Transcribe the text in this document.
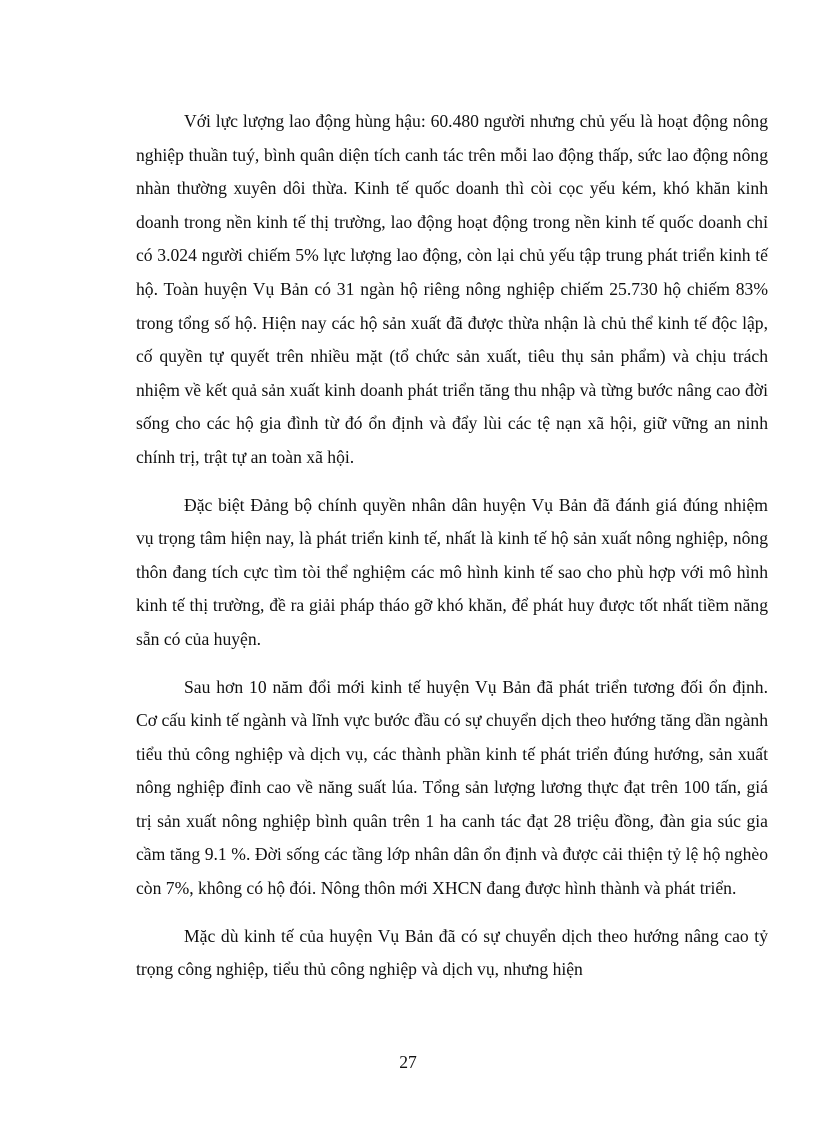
Với lực lượng lao động hùng hậu: 60.480 người nhưng chủ yếu là hoạt động nông nghiệp thuần tuý, bình quân diện tích canh tác trên mỗi lao động thấp, sức lao động nông nhàn thường xuyên dôi thừa. Kinh tế quốc doanh thì còi cọc yếu kém, khó khăn kinh doanh trong nền kinh tế thị trường, lao động hoạt động trong nền kinh tế quốc doanh chỉ có 3.024 người chiếm 5% lực lượng lao động, còn lại chủ yếu tập trung phát triển kinh tế hộ. Toàn huyện Vụ Bản có 31 ngàn hộ riêng nông nghiệp chiếm 25.730 hộ chiếm 83% trong tổng số hộ. Hiện nay các hộ sản xuất đã được thừa nhận là chủ thể kinh tế độc lập, cố quyền tự quyết trên nhiều mặt (tổ chức sản xuất, tiêu thụ sản phẩm) và chịu trách nhiệm về kết quả sản xuất kinh doanh phát triển tăng thu nhập và từng bước nâng cao đời sống cho các hộ gia đình từ đó ổn định và đẩy lùi các tệ nạn xã hội, giữ vững an ninh chính trị, trật tự an toàn xã hội.

Đặc biệt Đảng bộ chính quyền nhân dân huyện Vụ Bản đã đánh giá đúng nhiệm vụ trọng tâm hiện nay, là phát triển kinh tế, nhất là kinh tế hộ sản xuất nông nghiệp, nông thôn đang tích cực tìm tòi thể nghiệm các mô hình kinh tế sao cho phù hợp với mô hình kinh tế thị trường, đề ra giải pháp tháo gỡ khó khăn, để phát huy được tốt nhất tiềm năng sẵn có của huyện.

Sau hơn 10 năm đổi mới kinh tế huyện Vụ Bản đã phát triển tương đối ổn định. Cơ cấu kinh tế ngành và lĩnh vực bước đầu có sự chuyển dịch theo hướng tăng dần ngành tiểu thủ công nghiệp và dịch vụ, các thành phần kinh tế phát triển đúng hướng, sản xuất nông nghiệp đỉnh cao về năng suất lúa. Tổng sản lượng lương thực đạt trên 100 tấn, giá trị sản xuất nông nghiệp bình quân trên 1 ha canh tác đạt 28 triệu đồng, đàn gia súc gia cầm tăng 9.1 %. Đời sống các tầng lớp nhân dân ổn định và được cải thiện tỷ lệ hộ nghèo còn 7%, không có hộ đói. Nông thôn mới XHCN đang được hình thành và phát triển.

Mặc dù kinh tế của huyện Vụ Bản đã có sự chuyển dịch theo hướng nâng cao tỷ trọng công nghiệp, tiểu thủ công nghiệp và dịch vụ, nhưng hiện

27
